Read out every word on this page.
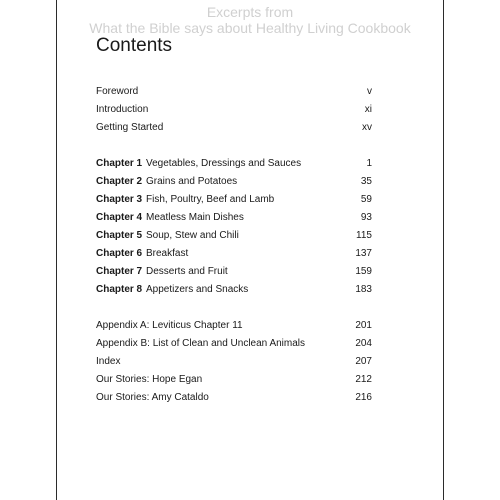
Excerpts from
What the Bible says about Healthy Living Cookbook
Contents
Foreword	v
Introduction	xi
Getting Started	xv
Chapter 1 Vegetables, Dressings and Sauces	1
Chapter 2 Grains and Potatoes	35
Chapter 3 Fish, Poultry, Beef and Lamb	59
Chapter 4 Meatless Main Dishes	93
Chapter 5 Soup, Stew and Chili	115
Chapter 6 Breakfast	137
Chapter 7 Desserts and Fruit	159
Chapter 8 Appetizers and Snacks	183
Appendix A: Leviticus Chapter 11	201
Appendix B: List of Clean and Unclean Animals	204
Index	207
Our Stories: Hope Egan	212
Our Stories: Amy Cataldo	216
